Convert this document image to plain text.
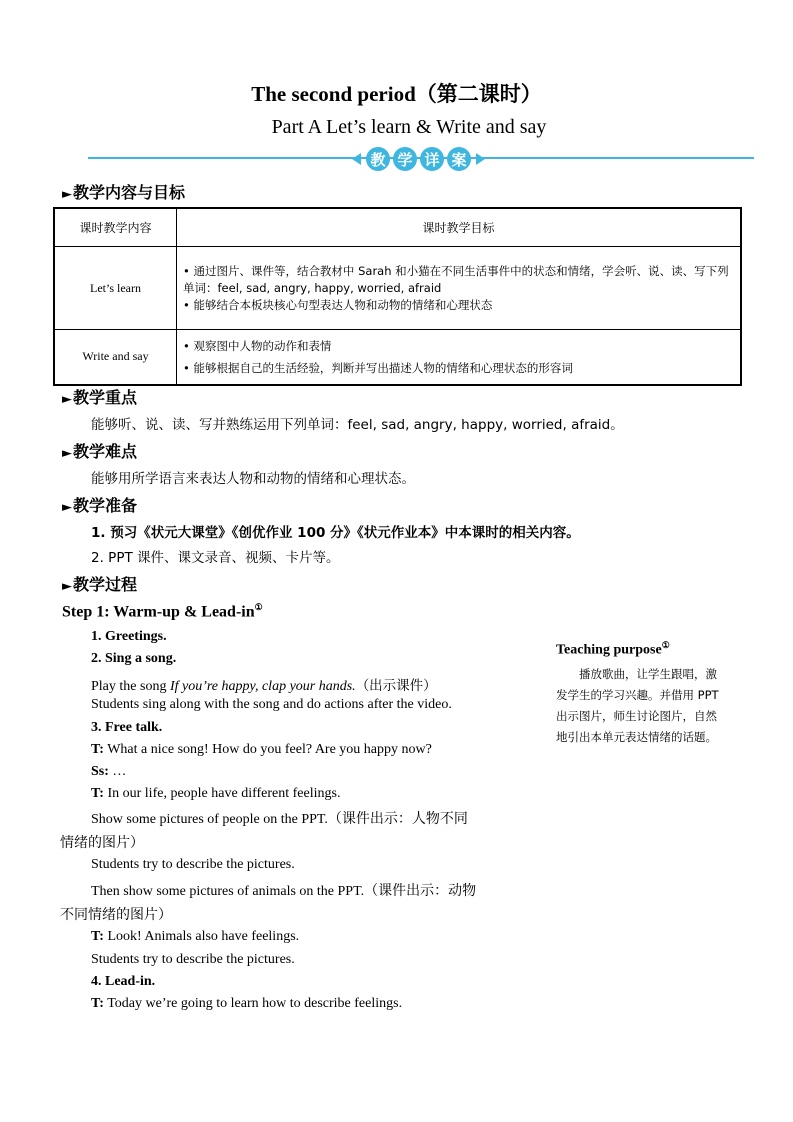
The second period（第二课时）
Part A Let’s learn & Write and say
教 学 详 案
►教学内容与目标
课时教学内容	课时教学目标
Let’s learn	• 通过图片、课件等，结合教材中 Sarah 和小猫在不同生活事件中的状态和情绪，学会听、说、读、写下列单词：feel, sad, angry, happy, worried, afraid
• 能够结合本板块核心句型表达人物和动物的情绪和心理状态

Write and say	• 观察图中人物的动作和表情
• 能够根据自己的生活经验，判断并写出描述人物的情绪和心理状态的形容词
►教学重点
能够听、说、读、写并熟练运用下列单词：feel, sad, angry, happy, worried, afraid。
►教学难点
能够用所学语言来表达人物和动物的情绪和心理状态。
►教学准备
1. 预习《状元大课堂》《创优作业 100 分》《状元作业本》中本课时的相关内容。
2. PPT 课件、课文录音、视频、卡片等。
►教学过程
Step 1: Warm-up & Lead-in①
1. Greetings.
2. Sing a song.
Play the song If you’re happy, clap your hands.（出示课件）
Students sing along with the song and do actions after the video.
3. Free talk.
T: What a nice song! How do you feel? Are you happy now?
Ss: …
T: In our life, people have different feelings.
Show some pictures of people on the PPT.（课件出示：人物不同
情绪的图片）
Students try to describe the pictures.
Then show some pictures of animals on the PPT.（课件出示：动物
不同情绪的图片）
T: Look! Animals also have feelings.
Students try to describe the pictures.
4. Lead-in.
T: Today we’re going to learn how to describe feelings.
Teaching purpose①
播放歌曲，让学生跟唱，激发学生的学习兴趣。并借用 PPT 出示图片，师生讨论图片，自然地引出本单元表达情绪的话题。
